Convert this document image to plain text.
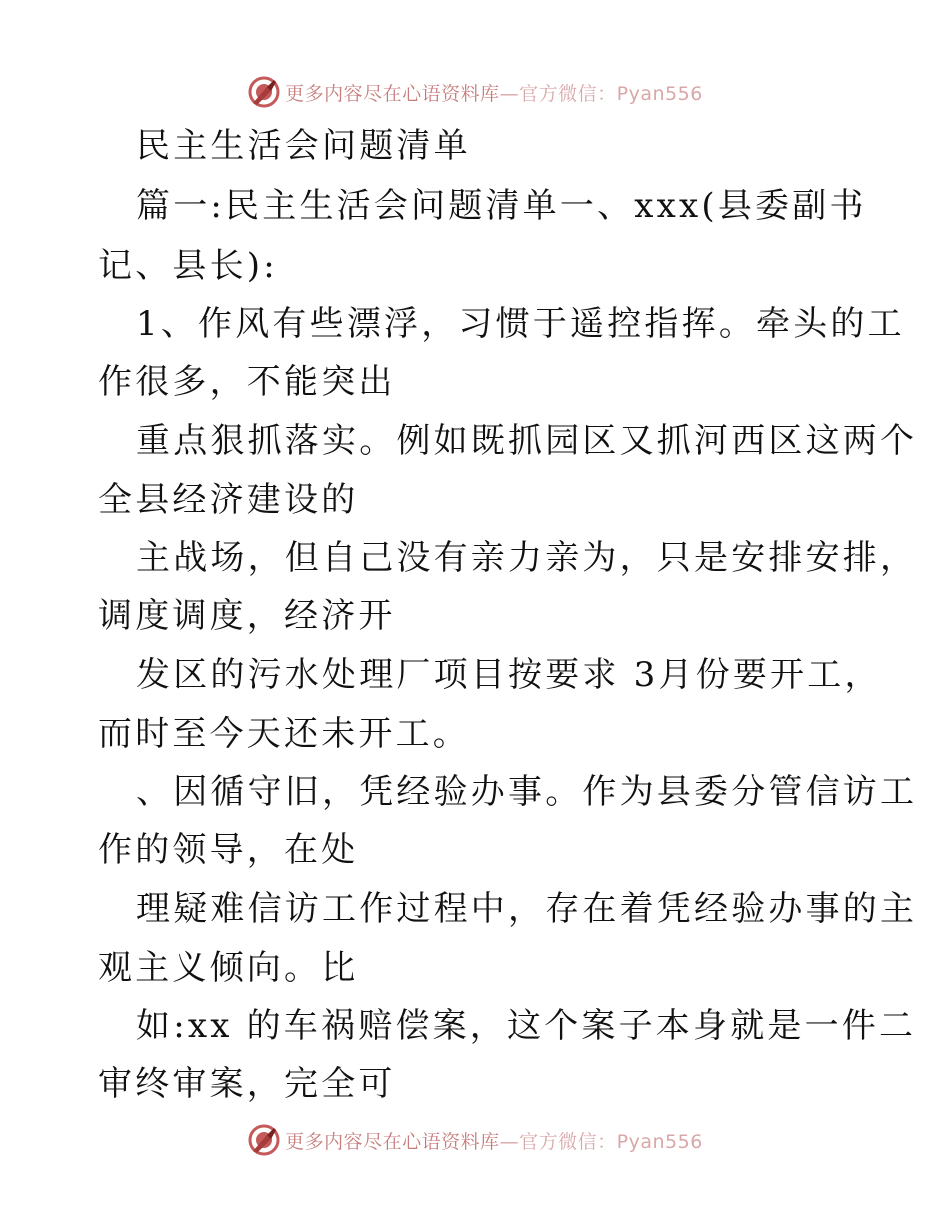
更多内容尽在心语资料库—官方微信：Pyan556
民主生活会问题清单
篇一:民主生活会问题清单一、xxx(县委副书
记、县长):
1、作风有些漂浮，习惯于遥控指挥。牵头的工
作很多，不能突出
重点狠抓落实。例如既抓园区又抓河西区这两个
全县经济建设的
主战场，但自己没有亲力亲为，只是安排安排，
调度调度，经济开
发区的污水处理厂项目按要求 3月份要开工，
而时至今天还未开工。
、因循守旧，凭经验办事。作为县委分管信访工
作的领导，在处
理疑难信访工作过程中，存在着凭经验办事的主
观主义倾向。比
如:xx 的车祸赔偿案，这个案子本身就是一件二
审终审案，完全可
更多内容尽在心语资料库—官方微信：Pyan556
